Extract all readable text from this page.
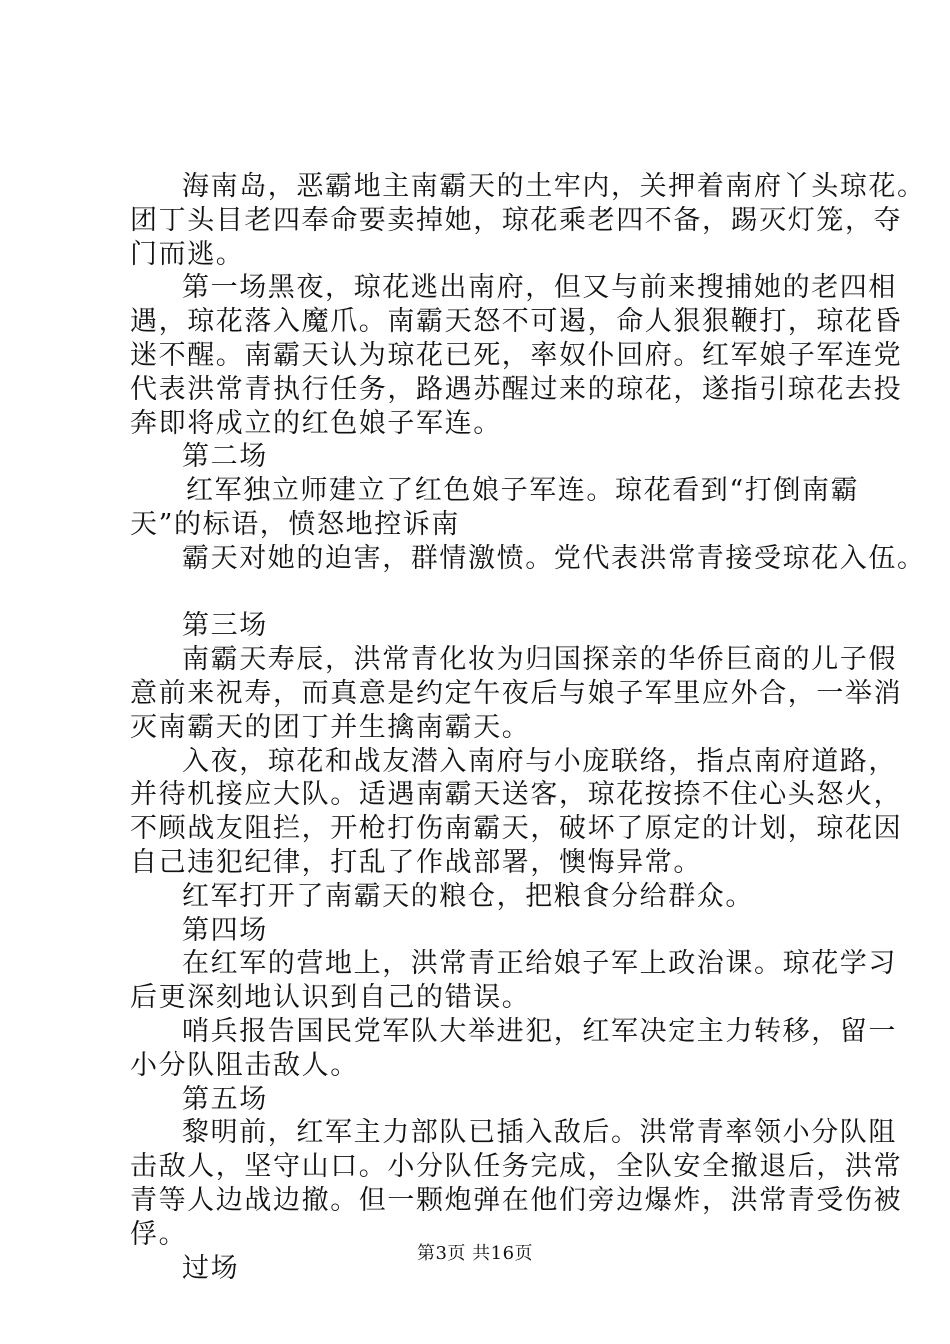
海南岛，恶霸地主南霸天的土牢内，关押着南府丫头琼花。
团丁头目老四奉命要卖掉她，琼花乘老四不备，踢灭灯笼，夺
门而逃。
第一场黑夜，琼花逃出南府，但又与前来搜捕她的老四相
遇，琼花落入魔爪。南霸天怒不可遏，命人狠狠鞭打，琼花昏
迷不醒。南霸天认为琼花已死，率奴仆回府。红军娘子军连党
代表洪常青执行任务，路遇苏醒过来的琼花，遂指引琼花去投
奔即将成立的红色娘子军连。
第二场
红军独立师建立了红色娘子军连。琼花看到“打倒南霸
天”的标语，愤怒地控诉南
霸天对她的迫害，群情激愤。党代表洪常青接受琼花入伍。
第三场
南霸天寿辰，洪常青化妆为归国探亲的华侨巨商的儿子假
意前来祝寿，而真意是约定午夜后与娘子军里应外合，一举消
灭南霸天的团丁并生擒南霸天。
入夜，琼花和战友潜入南府与小庞联络，指点南府道路，
并待机接应大队。适遇南霸天送客，琼花按捺不住心头怒火，
不顾战友阻拦，开枪打伤南霸天，破坏了原定的计划，琼花因
自己违犯纪律，打乱了作战部署，懊悔异常。
红军打开了南霸天的粮仓，把粮食分给群众。
第四场
在红军的营地上，洪常青正给娘子军上政治课。琼花学习
后更深刻地认识到自己的错误。
哨兵报告国民党军队大举进犯，红军决定主力转移，留一
小分队阻击敌人。
第五场
黎明前，红军主力部队已插入敌后。洪常青率领小分队阻
击敌人，坚守山口。小分队任务完成，全队安全撤退后，洪常
青等人边战边撤。但一颗炮弹在他们旁边爆炸，洪常青受伤被
俘。
过场	第3页 共16页
